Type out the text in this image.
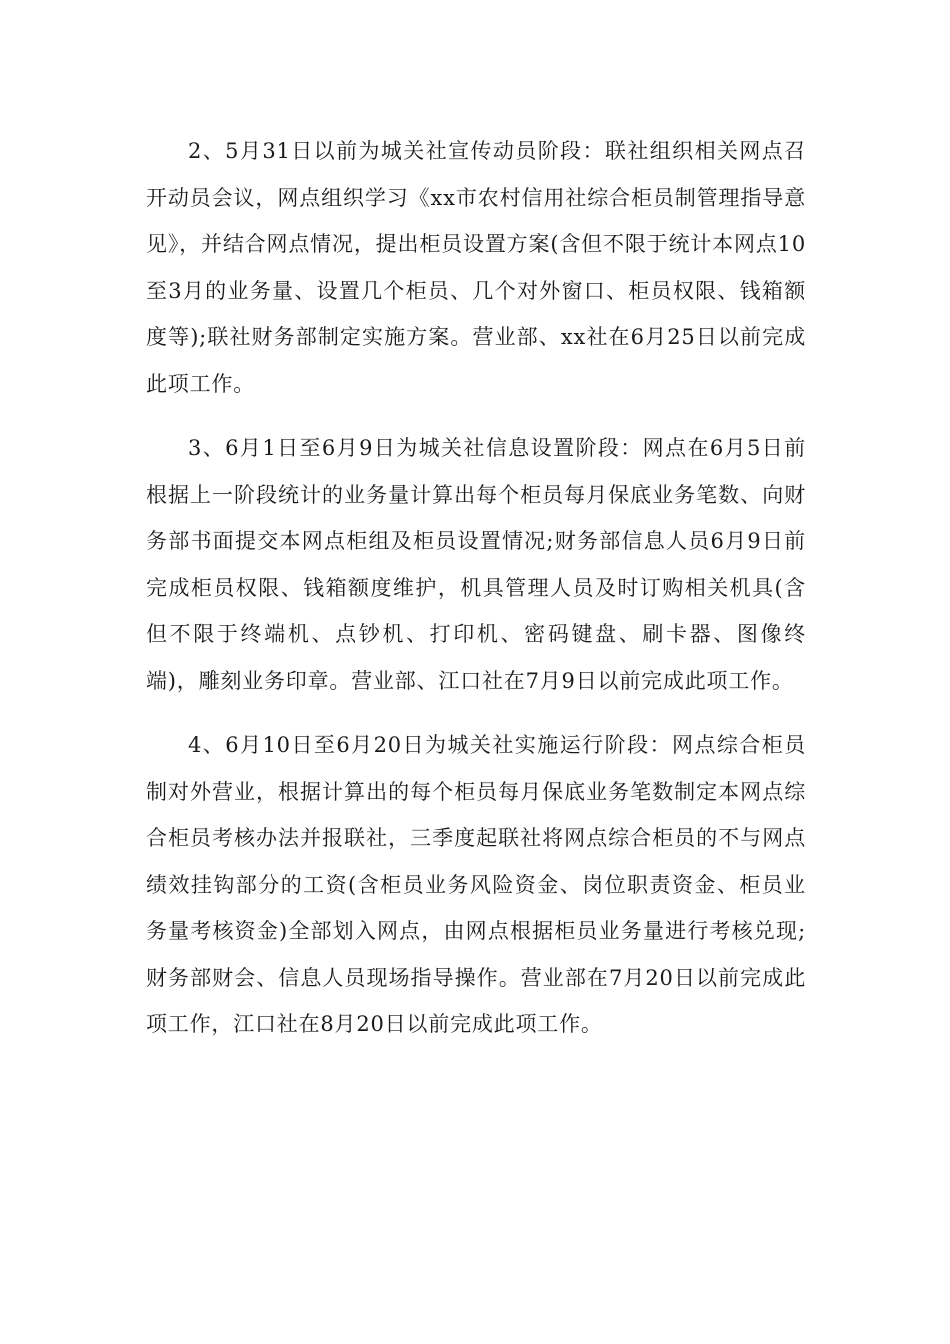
2、5月31日以前为城关社宣传动员阶段：联社组织相关网点召开动员会议，网点组织学习《xx市农村信用社综合柜员制管理指导意见》，并结合网点情况，提出柜员设置方案(含但不限于统计本网点10至3月的业务量、设置几个柜员、几个对外窗口、柜员权限、钱箱额度等);联社财务部制定实施方案。营业部、xx社在6月25日以前完成此项工作。

3、6月1日至6月9日为城关社信息设置阶段：网点在6月5日前根据上一阶段统计的业务量计算出每个柜员每月保底业务笔数、向财务部书面提交本网点柜组及柜员设置情况;财务部信息人员6月9日前完成柜员权限、钱箱额度维护，机具管理人员及时订购相关机具(含但不限于终端机、点钞机、打印机、密码键盘、刷卡器、图像终端)，雕刻业务印章。营业部、江口社在7月9日以前完成此项工作。

4、6月10日至6月20日为城关社实施运行阶段：网点综合柜员制对外营业，根据计算出的每个柜员每月保底业务笔数制定本网点综合柜员考核办法并报联社，三季度起联社将网点综合柜员的不与网点绩效挂钩部分的工资(含柜员业务风险资金、岗位职责资金、柜员业务量考核资金)全部划入网点，由网点根据柜员业务量进行考核兑现;财务部财会、信息人员现场指导操作。营业部在7月20日以前完成此项工作，江口社在8月20日以前完成此项工作。
